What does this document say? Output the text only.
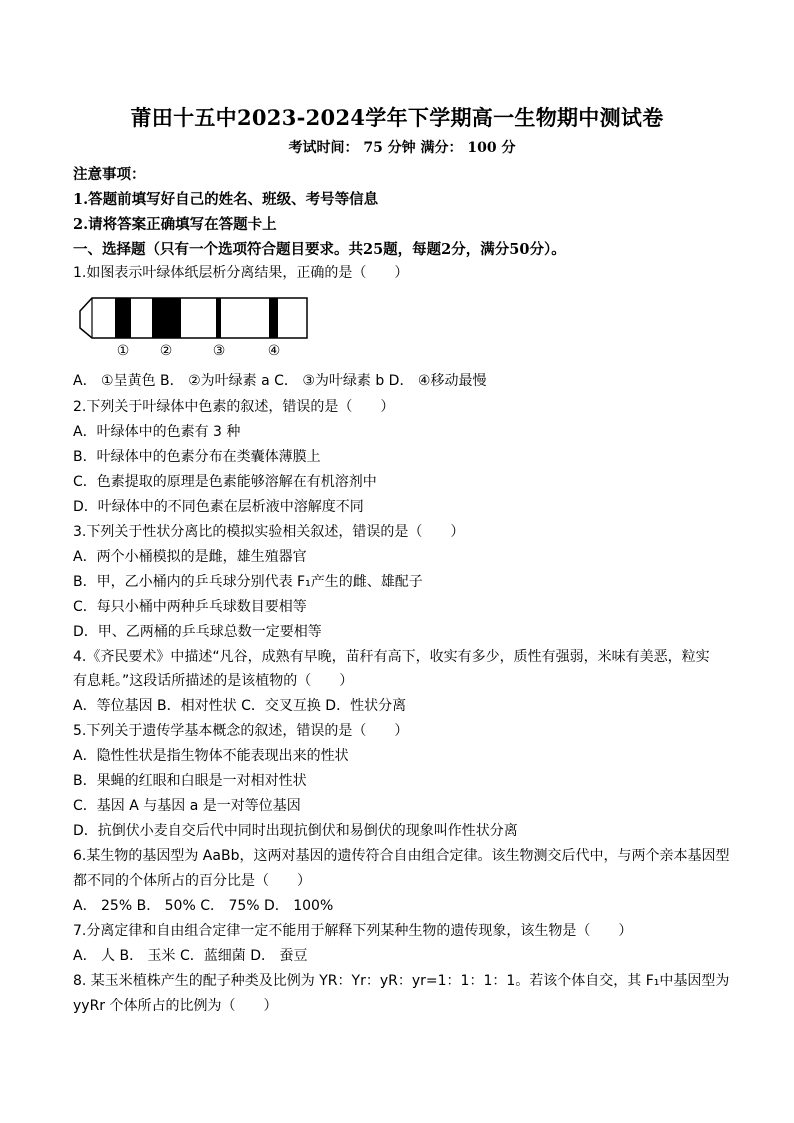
莆田十五中2023-2024学年下学期高一生物期中测试卷
考试时间： 75 分钟 满分： 100 分
注意事项：
1.答题前填写好自己的姓名、班级、考号等信息
2.请将答案正确填写在答题卡上
一、选择题（只有一个选项符合题目要求。共25题，每题2分，满分50分）。
1.如图表示叶绿体纸层析分离结果，正确的是（　　）
① ②	③	④
A． ①呈黄色 B． ②为叶绿素 a C． ③为叶绿素 b D． ④移动最慢
2.下列关于叶绿体中色素的叙述，错误的是（　　）
A．叶绿体中的色素有 3 种
B．叶绿体中的色素分布在类囊体薄膜上
C．色素提取的原理是色素能够溶解在有机溶剂中
D．叶绿体中的不同色素在层析液中溶解度不同
3.下列关于性状分离比的模拟实验相关叙述，错误的是（　　）
A．两个小桶模拟的是雌，雄生殖器官
B．甲，乙小桶内的乒乓球分别代表 F₁产生的雌、雄配子
C．每只小桶中两种乒乓球数目要相等
D．甲、乙两桶的乒乓球总数一定要相等
4.《齐民要术》中描述“凡谷，成熟有早晚，苗秆有高下，收实有多少，质性有强弱，米味有美恶，粒实
有息耗。”这段话所描述的是该植物的（　　）
A．等位基因 B．相对性状 C．交叉互换 D．性状分离
5.下列关于遗传学基本概念的叙述，错误的是（　　）
A．隐性性状是指生物体不能表现出来的性状
B．果蝇的红眼和白眼是一对相对性状
C．基因 A 与基因 a 是一对等位基因
D．抗倒伏小麦自交后代中同时出现抗倒伏和易倒伏的现象叫作性状分离
6.某生物的基因型为 AaBb，这两对基因的遗传符合自由组合定律。该生物测交后代中，与两个亲本基因型
都不同的个体所占的百分比是（　　）
A． 25% B． 50% C． 75% D． 100%
7.分离定律和自由组合定律一定不能用于解释下列某种生物的遗传现象，该生物是（　　）
A． 人 B． 玉米 C．蓝细菌 D． 蚕豆
8. 某玉米植株产生的配子种类及比例为 YR：Yr：yR：yr=1：1：1：1。若该个体自交，其 F₁中基因型为
yyRr 个体所占的比例为（　　）
